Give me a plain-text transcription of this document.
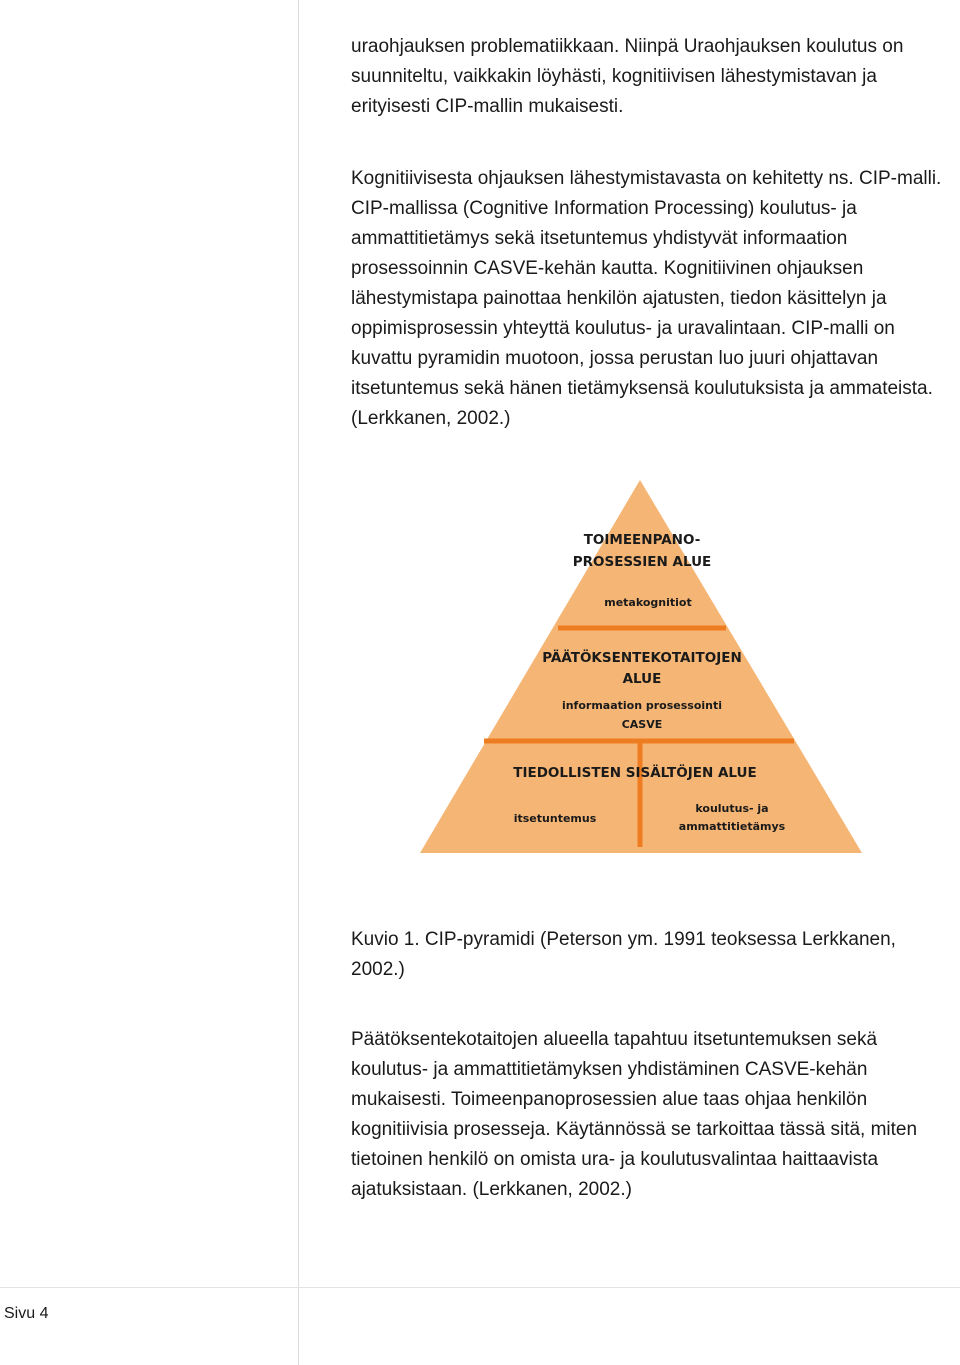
uraohjauksen problematiikkaan. Niinpä Uraohjauksen koulutus on
suunniteltu, vaikkakin löyhästi, kognitiivisen lähestymistavan ja
erityisesti CIP-mallin mukaisesti.
Kognitiivisesta ohjauksen lähestymistavasta on kehitetty ns. CIP-malli.
CIP-mallissa (Cognitive Information Processing) koulutus- ja
ammattitietämys sekä itsetuntemus yhdistyvät informaation
prosessoinnin CASVE-kehän kautta. Kognitiivinen ohjauksen
lähestymistapa painottaa henkilön ajatusten, tiedon käsittelyn ja
oppimisprosessin yhteyttä koulutus- ja uravalintaan. CIP-malli on
kuvattu pyramidin muotoon, jossa perustan luo juuri ohjattavan
itsetuntemus sekä hänen tietämyksensä koulutuksista ja ammateista.
(Lerkkanen, 2002.)
TOIMEENPANO-
PROSESSIEN ALUE
metakognitiot
PÄÄTÖKSENTEKOTAITOJEN
ALUE
informaation prosessointi
CASVE
TIEDOLLISTEN SISÄLTÖJEN ALUE
itsetuntemus
koulutus- ja
ammattitietämys
Kuvio 1. CIP-pyramidi (Peterson ym. 1991 teoksessa Lerkkanen,
2002.)
Päätöksentekotaitojen alueella tapahtuu itsetuntemuksen sekä
koulutus- ja ammattitietämyksen yhdistäminen CASVE-kehän
mukaisesti. Toimeenpanoprosessien alue taas ohjaa henkilön
kognitiivisia prosesseja. Käytännössä se tarkoittaa tässä sitä, miten
tietoinen henkilö on omista ura- ja koulutusvalintaa haittaavista
ajatuksistaan. (Lerkkanen, 2002.)
Sivu 4
